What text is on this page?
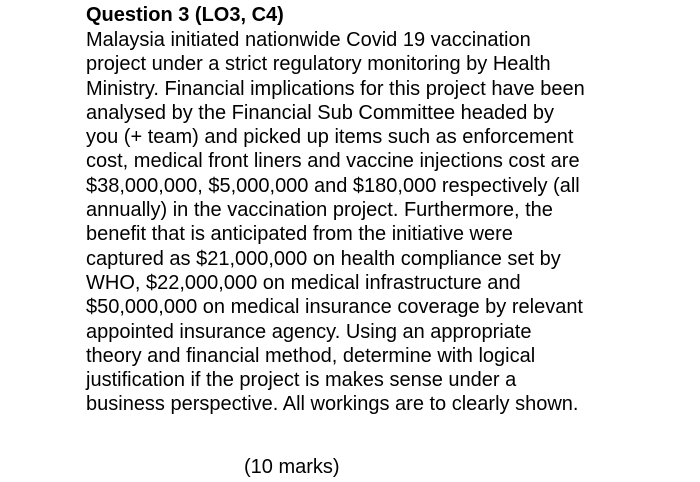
Question 3 (LO3, C4)

Malaysia initiated nationwide Covid 19 vaccination

project under a strict regulatory monitoring by Health

Ministry. Financial implications for this project have been

analysed by the Financial Sub Committee headed by

you (+ team) and picked up items such as enforcement

cost, medical front liners and vaccine injections cost are

$38,000,000, $5,000,000 and $180,000 respectively (all

annually) in the vaccination project. Furthermore, the

benefit that is anticipated from the initiative were

captured as $21,000,000 on health compliance set by

WHO, $22,000,000 on medical infrastructure and

$50,000,000 on medical insurance coverage by relevant

appointed insurance agency. Using an appropriate

theory and financial method, determine with logical

justification if the project is makes sense under a

business perspective. All workings are to clearly shown.

(10 marks)
